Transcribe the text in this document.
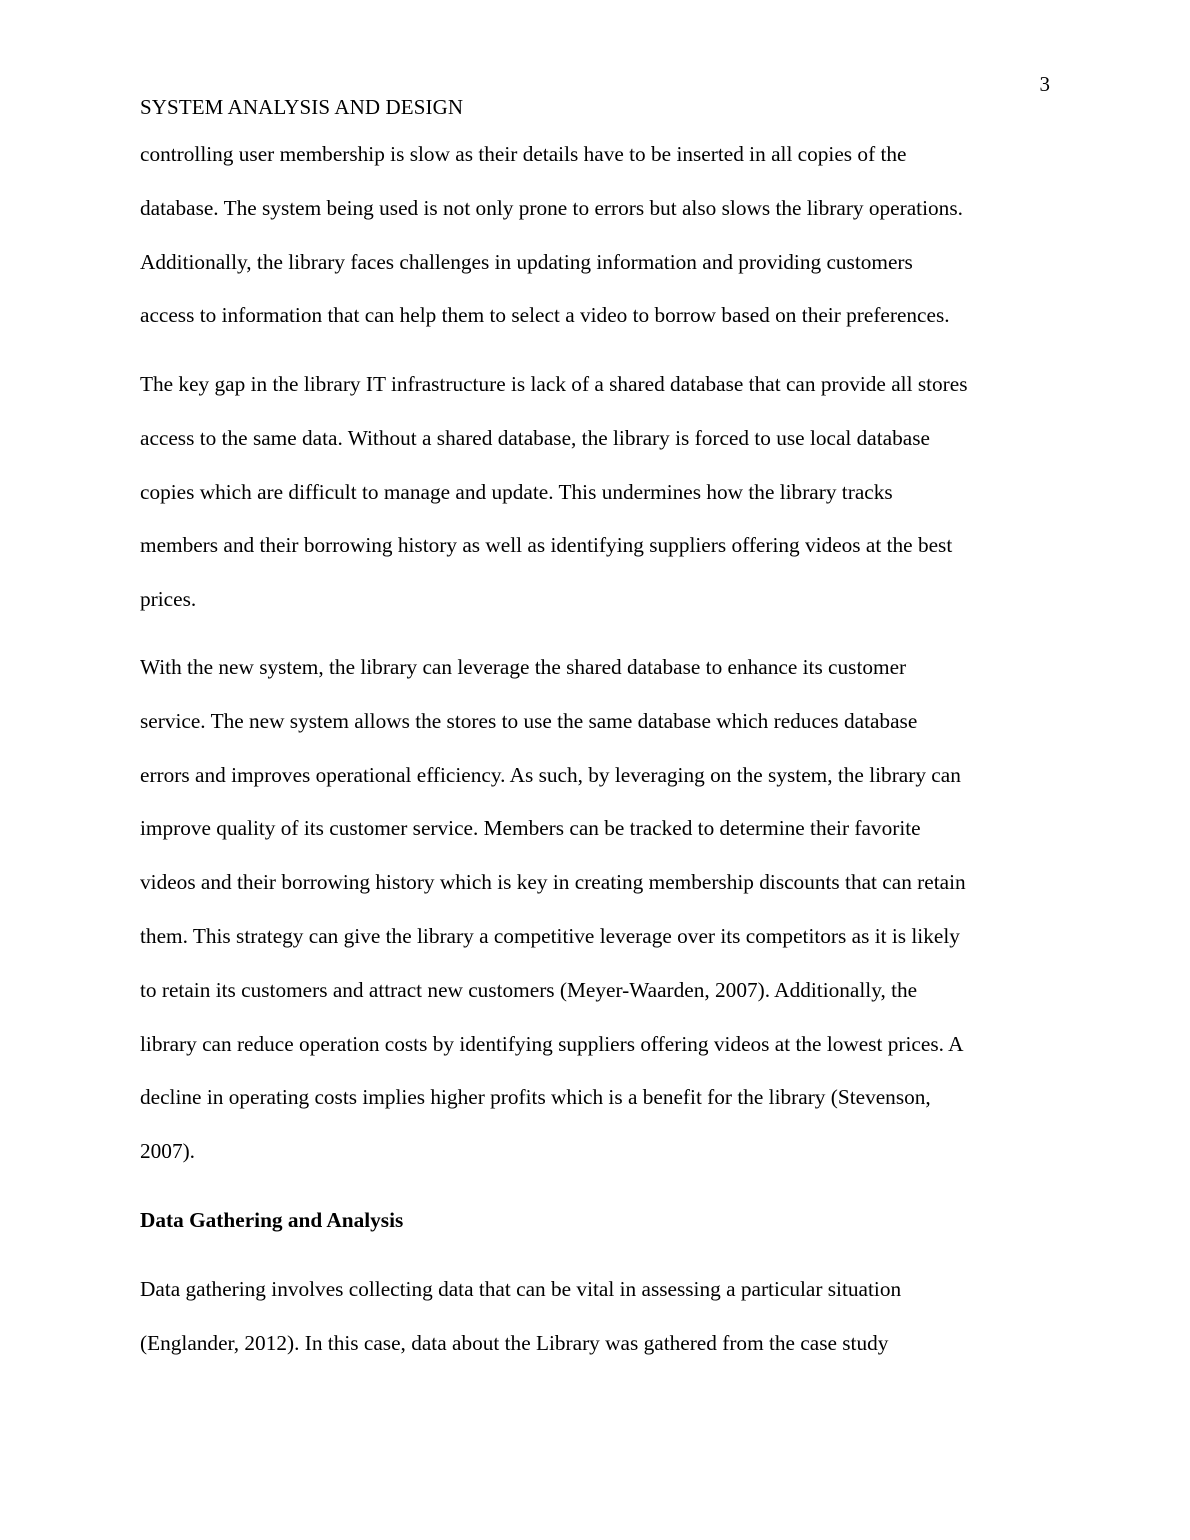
3
SYSTEM ANALYSIS AND DESIGN
controlling user membership is slow as their details have to be inserted in all copies of the
database. The system being used is not only prone to errors but also slows the library operations.
Additionally, the library faces challenges in updating information and providing customers
access to information that can help them to select a video to borrow based on their preferences.
The key gap in the library IT infrastructure is lack of a shared database that can provide all stores
access to the same data. Without a shared database, the library is forced to use local database
copies which are difficult to manage and update. This undermines how the library tracks
members and their borrowing history as well as identifying suppliers offering videos at the best
prices.
With the new system, the library can leverage the shared database to enhance its customer
service. The new system allows the stores to use the same database which reduces database
errors and improves operational efficiency. As such, by leveraging on the system, the library can
improve quality of its customer service. Members can be tracked to determine their favorite
videos and their borrowing history which is key in creating membership discounts that can retain
them. This strategy can give the library a competitive leverage over its competitors as it is likely
to retain its customers and attract new customers (Meyer-Waarden, 2007). Additionally, the
library can reduce operation costs by identifying suppliers offering videos at the lowest prices. A
decline in operating costs implies higher profits which is a benefit for the library (Stevenson,
2007).
Data Gathering and Analysis
Data gathering involves collecting data that can be vital in assessing a particular situation
(Englander, 2012). In this case, data about the Library was gathered from the case study
